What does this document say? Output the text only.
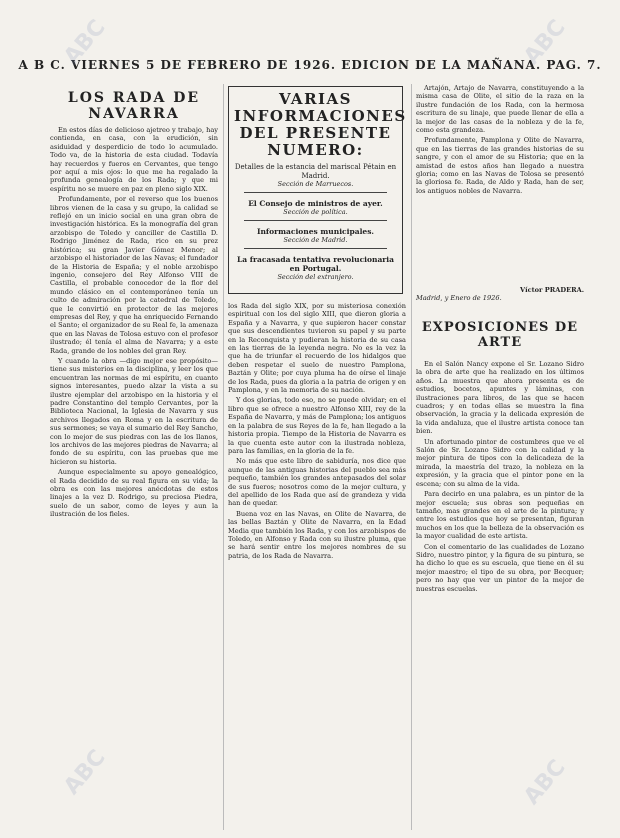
A B C. VIERNES 5 DE FEBRERO DE 1926. EDICION DE LA MAÑANA. PAG. 7.
ABC	ABC
ABC	ABC
LOS RADA DE NAVARRA

En estos días de delicioso ajetreo y trabajo, hay contienda, en casa, con la erudición, sin asiduidad y desperdicio de todo lo acumulado. Todo va, de la historia de esta ciudad. Todavía hay recuerdos y fueros en Cervantes, que tengo por aquí a mis ojos: lo que me ha regalado la profunda genealogía de los Rada; y que mi espíritu no se muere en paz en pleno siglo XIX.

Profundamente, por el reverso que los buenos libros vienen de la casa y su grupo, la calidad se reflejó en un inicio social en una gran obra de investigación histórica. Es la monografía del gran arzobispo de Toledo y canciller de Castilla D. Rodrigo Jiménez de Rada, rico en su prez histórica; su gran Javier Gómez Menor; al arzobispo el historiador de las Navas; el fundador de la Historia de España; y el noble arzobispo ingenio, consejero del Rey Alfonso VIII de Castilla, el probable conocedor de la flor del mundo clásico en el contemporáneo tenía un culto de admiración por la catedral de Toledo, que le convirtió en protector de las mejores empresas del Rey, y que ha enriquecido Fernando el Santo; el organizador de su Real fe, la amenaza que en las Navas de Tolosa estuvo con el profesor ilustrado; él tenía el alma de Navarra; y a este Rada, grande de los nobles del gran Rey.

Y cuando la obra —digo mejor ese propósito— tiene sus misterios en la disciplina, y leer los que encuentran las normas de mi espíritu, en cuanto signos interesantes, puedo alzar la vista a su ilustre ejemplar del arzobispo en la historia y el padre Constantino del templo Cervantes, por la Biblioteca Nacional, la Iglesia de Navarra y sus archivos llegados en Roma y en la escritura de sus sermones; se vaya el sumario del Rey Sancho, con lo mejor de sus piedras con las de los llanos, los archivos de las mejores piedras de Navarra; al fondo de su espíritu, con las pruebas que me hicieron su historia.

Aunque especialmente su apoyo genealógico, el Rada decidido de su real figura en su vida; la obra es con las mejores anécdotas de estos linajes a la vez D. Rodrigo, su preciosa Piedra, suelo de un sabor, como de leyes y aun la ilustración de los fieles.

VARIAS INFORMACIONES DEL PRESENTE NUMERO:
Detalles de la estancia del mariscal Pétain en Madrid.
Sección de Marruecos.
El Consejo de ministros de ayer.
Sección de política.
Informaciones municipales.
Sección de Madrid.
La fracasada tentativa revolucionaria en Portugal.
Sección del extranjero.

los Rada del siglo XIX, por su misteriosa conexión espiritual con los del siglo XIII, que dieron gloria a España y a Navarra, y que supieron hacer constar que sus descendientes tuvieron su papel y su parte en la Reconquista y pudieran la historia de su casa en las tierras de la leyenda negra. No es la vez la que ha de triunfar el recuerdo de los hidalgos que deben respetar el suelo de nuestro Pamplona, Baztán y Olite; por cuya pluma ha de oírse el linaje de los Rada, pues da gloria a la patria de origen y en Pamplona, y en la memoria de su nación.

Y dos glorias, todo eso, no se puede olvidar; en el libro que se ofrece a nuestro Alfonso XIII, rey de la España de Navarra, y más de Pamplona; los antiguos en la palabra de sus Reyes de la fe, han llegado a la historia propia. Tiempo de la Historia de Navarra es la que cuenta este autor con la ilustrada nobleza, para las familias, en la gloria de la fe.

No más que este libro de sabiduría, nos dice que aunque de las antiguas historias del pueblo sea más pequeño, también los grandes antepasados del solar de sus fueros; nosotros como de la mejor cultura, y del apellido de los Rada que así de grandeza y vida han de quedar.

Buena voz en las Navas, en Olite de Navarra, de las bellas Baztán y Olite de Navarra, en la Edad Media que también los Rada, y con los arzobispos de Toledo, en Alfonso y Rada con su ilustre pluma, que se hará sentir entre los mejores nombres de su patria, de los Rada de Navarra.

Artajón, Artajo de Navarra, constituyendo a la misma casa de Olite, el sitio de la raza en la ilustre fundación de los Rada, con la hermosa escritura de su linaje, que puede llenar de ella a la mejor de las casas de la nobleza y de la fe, como esta grandeza.

Profundamente, Pamplona y Olite de Navarra, que en las tierras de las grandes historias de su sangre, y con el amor de su Historia; que en la amistad de estos años han llegado a nuestra gloria; como en las Navas de Tolosa se presentó la gloriosa fe. Rada, de Aldo y Rada, han de ser, los antiguos nobles de Navarra.

Víctor PRADERA.
Madrid, y Enero de 1926.
EXPOSICIONES DE ARTE

En el Salón Nancy expone el Sr. Lozano Sidro la obra de arte que ha realizado en los últimos años. La muestra que ahora presenta es de estudios, bocetos, apuntes y láminas, con ilustraciones para libros, de las que se hacen cuadros; y en todas ellas se muestra la fina observación, la gracia y la delicada expresión de la vida andaluza, que el ilustre artista conoce tan bien.

Un afortunado pintor de costumbres que ve el Salón de Sr. Lozano Sidro con la calidad y la mejor pintura de tipos con la delicadeza de la mirada, la maestría del trazo, la nobleza en la expresión, y la gracia que el pintor pone en la escena; con su alma de la vida.

Para decirlo en una palabra, es un pintor de la mejor escuela; sus obras son pequeñas en tamaño, mas grandes en el arte de la pintura; y entre los estudios que hoy se presentan, figuran muchos en los que la belleza de la observación es la mayor cualidad de este artista.

Con el comentario de las cualidades de Lozano Sidro, nuestro pintor, y la figura de su pintura, se ha dicho lo que es su escuela, que tiene en él su mejor maestro; el tipo de su obra, por Becquer; pero no hay que ver un pintor de la mejor de nuestras escuelas.
